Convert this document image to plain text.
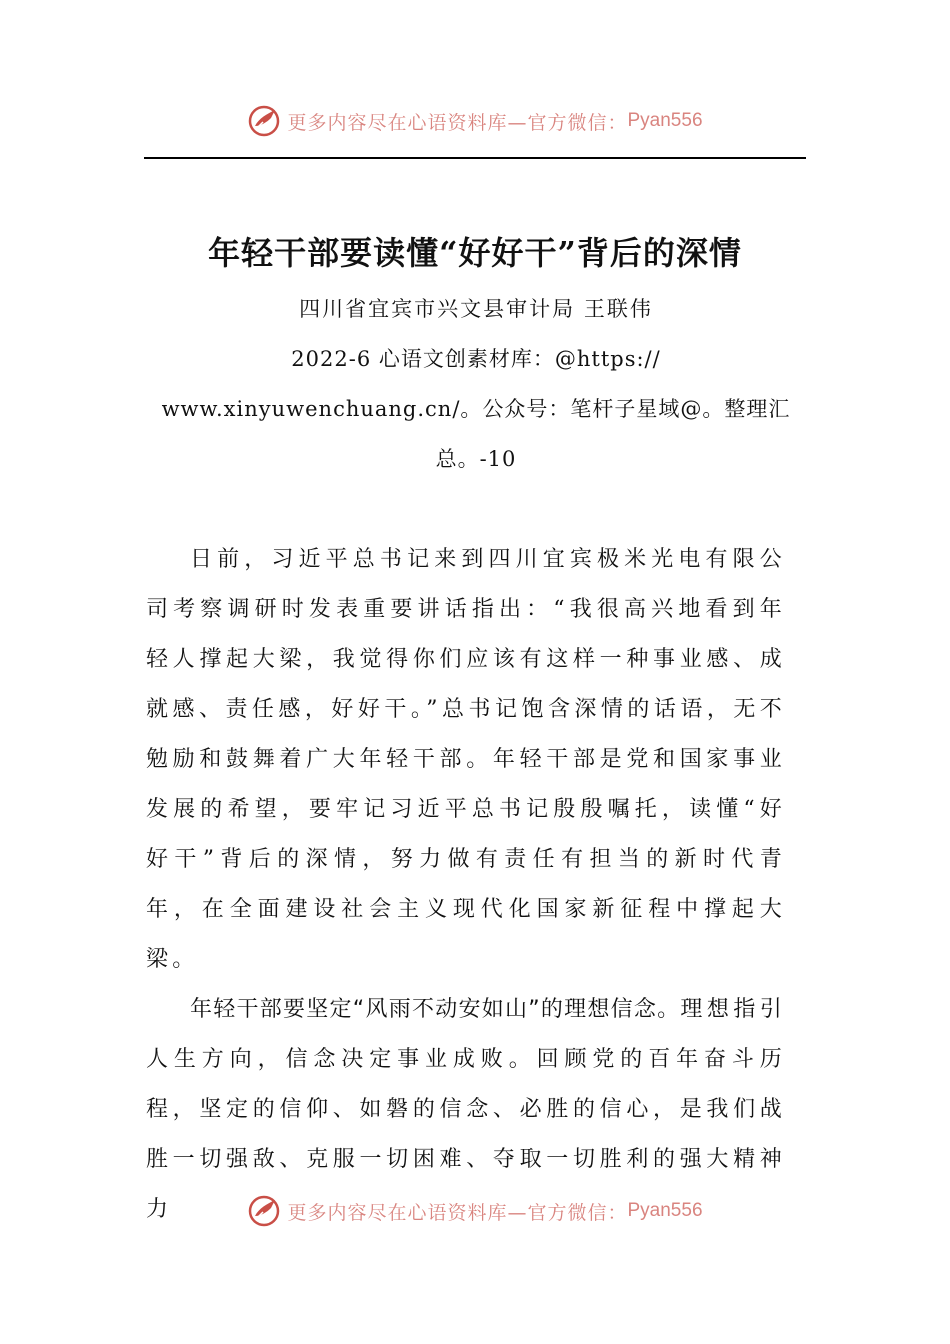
更多内容尽在心语资料库—官方微信： Pyan556
年轻干部要读懂“好好干”背后的深情
四川省宜宾市兴文县审计局 王联伟
2022-6 心语文创素材库：@https://
www.xinyuwenchuang.cn/。公众号：笔杆子星域@。整理汇
总。-10

日前，习近平总书记来到四川宜宾极米光电有限公司考察调研时发表重要讲话指出：“我很高兴地看到年轻人撑起大梁，我觉得你们应该有这样一种事业感、成就感、责任感，好好干。”总书记饱含深情的话语，无不勉励和鼓舞着广大年轻干部。年轻干部是党和国家事业发展的希望，要牢记习近平总书记殷殷嘱托，读懂“好好干”背后的深情，努力做有责任有担当的新时代青年，在全面建设社会主义现代化国家新征程中撑起大梁。

年轻干部要坚定“风雨不动安如山”的理想信念。理想指引人生方向，信念决定事业成败。回顾党的百年奋斗历程，坚定的信仰、如磐的信念、必胜的信心，是我们战胜一切强敌、克服一切困难、夺取一切胜利的强大精神力	更多内容尽在心语资料库—官方微信： Pyan556
